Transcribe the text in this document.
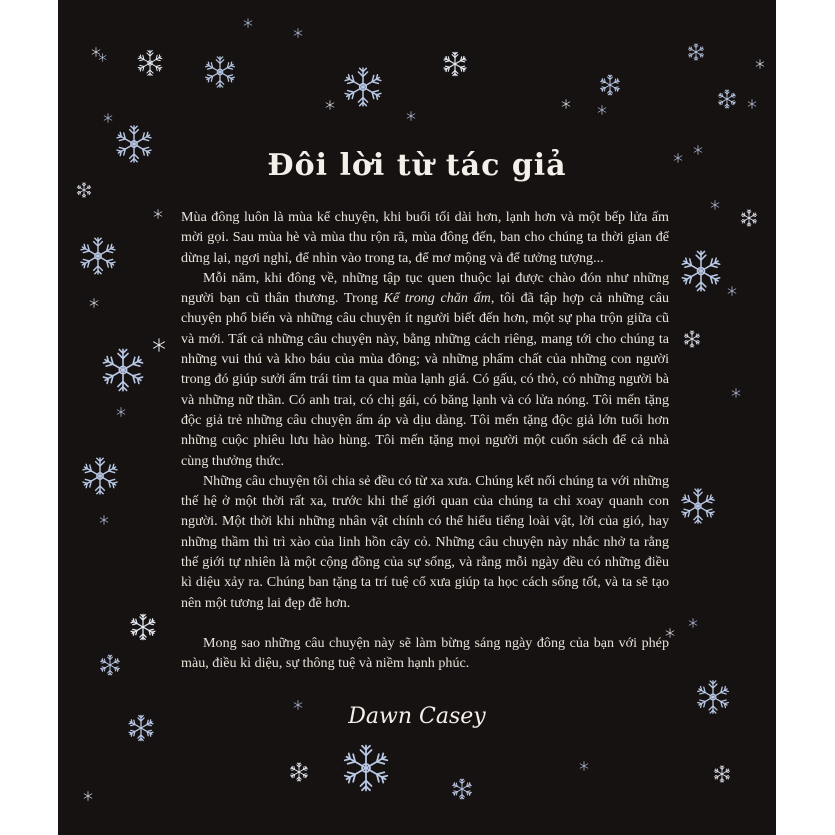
Đôi lời từ tác giả

Mùa đông luôn là mùa kể chuyện, khi buổi tối dài hơn, lạnh hơn và một bếp lửa ấm mời gọi. Sau mùa hè và mùa thu rộn rã, mùa đông đến, ban cho chúng ta thời gian để dừng lại, ngơi nghỉ, để nhìn vào trong ta, để mơ mộng và để tưởng tượng...

Mỗi năm, khi đông về, những tập tục quen thuộc lại được chào đón như những người bạn cũ thân thương. Trong Kể trong chăn ấm, tôi đã tập hợp cả những câu chuyện phổ biến và những câu chuyện ít người biết đến hơn, một sự pha trộn giữa cũ và mới. Tất cả những câu chuyện này, bằng những cách riêng, mang tới cho chúng ta những vui thú và kho báu của mùa đông; và những phẩm chất của những con người trong đó giúp sưởi ấm trái tim ta qua mùa lạnh giá. Có gấu, có thỏ, có những người bà và những nữ thần. Có anh trai, có chị gái, có băng lạnh và có lửa nóng. Tôi mến tặng độc giả trẻ những câu chuyện ấm áp và dịu dàng. Tôi mến tặng độc giả lớn tuổi hơn những cuộc phiêu lưu hào hùng. Tôi mến tặng mọi người một cuốn sách để cả nhà cùng thưởng thức.

Những câu chuyện tôi chia sẻ đều có từ xa xưa. Chúng kết nối chúng ta với những thế hệ ở một thời rất xa, trước khi thế giới quan của chúng ta chỉ xoay quanh con người. Một thời khi những nhân vật chính có thể hiểu tiếng loài vật, lời của gió, hay những thầm thì trì xào của linh hồn cây cỏ. Những câu chuyện này nhắc nhở ta rằng thế giới tự nhiên là một cộng đồng của sự sống, và rằng mỗi ngày đều có những điều kì diệu xảy ra. Chúng ban tặng ta trí tuệ cổ xưa giúp ta học cách sống tốt, và ta sẽ tạo nên một tương lai đẹp đẽ hơn.

Mong sao những câu chuyện này sẽ làm bừng sáng ngày đông của bạn với phép màu, điều kì diệu, sự thông tuệ và niềm hạnh phúc.

Dawn Casey
